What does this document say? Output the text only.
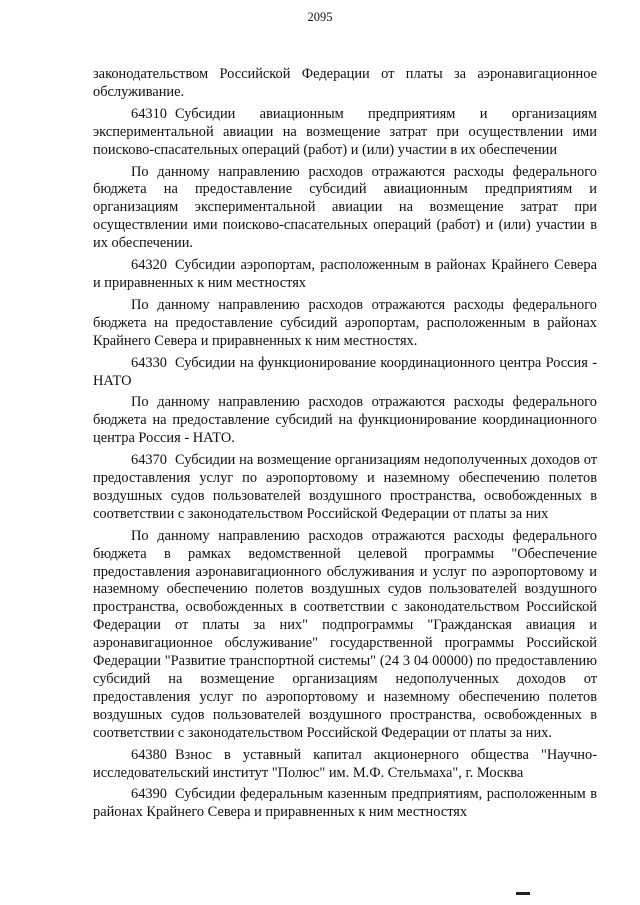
2095

законодательством Российской Федерации от платы за аэронавигационное обслуживание.

64310 Субсидии авиационным предприятиям и организациям экспериментальной авиации на возмещение затрат при осуществлении ими поисково-спасательных операций (работ) и (или) участии в их обеспечении

По данному направлению расходов отражаются расходы федерального бюджета на предоставление субсидий авиационным предприятиям и организациям экспериментальной авиации на возмещение затрат при осуществлении ими поисково-спасательных операций (работ) и (или) участии в их обеспечении.

64320 Субсидии аэропортам, расположенным в районах Крайнего Севера и приравненных к ним местностях

По данному направлению расходов отражаются расходы федерального бюджета на предоставление субсидий аэропортам, расположенным в районах Крайнего Севера и приравненных к ним местностях.

64330 Субсидии на функционирование координационного центра Россия - НАТО

По данному направлению расходов отражаются расходы федерального бюджета на предоставление субсидий на функционирование координационного центра Россия - НАТО.

64370 Субсидии на возмещение организациям недополученных доходов от предоставления услуг по аэропортовому и наземному обеспечению полетов воздушных судов пользователей воздушного пространства, освобожденных в соответствии с законодательством Российской Федерации от платы за них

По данному направлению расходов отражаются расходы федерального бюджета в рамках ведомственной целевой программы "Обеспечение предоставления аэронавигационного обслуживания и услуг по аэропортовому и наземному обеспечению полетов воздушных судов пользователей воздушного пространства, освобожденных в соответствии с законодательством Российской Федерации от платы за них" подпрограммы "Гражданская авиация и аэронавигационное обслуживание" государственной программы Российской Федерации "Развитие транспортной системы" (24 3 04 00000) по предоставлению субсидий на возмещение организациям недополученных доходов от предоставления услуг по аэропортовому и наземному обеспечению полетов воздушных судов пользователей воздушного пространства, освобожденных в соответствии с законодательством Российской Федерации от платы за них.

64380 Взнос в уставный капитал акционерного общества "Научно-исследовательский институт "Полюс" им. М.Ф. Стельмаха", г. Москва

64390 Субсидии федеральным казенным предприятиям, расположенным в районах Крайнего Севера и приравненных к ним местностях
